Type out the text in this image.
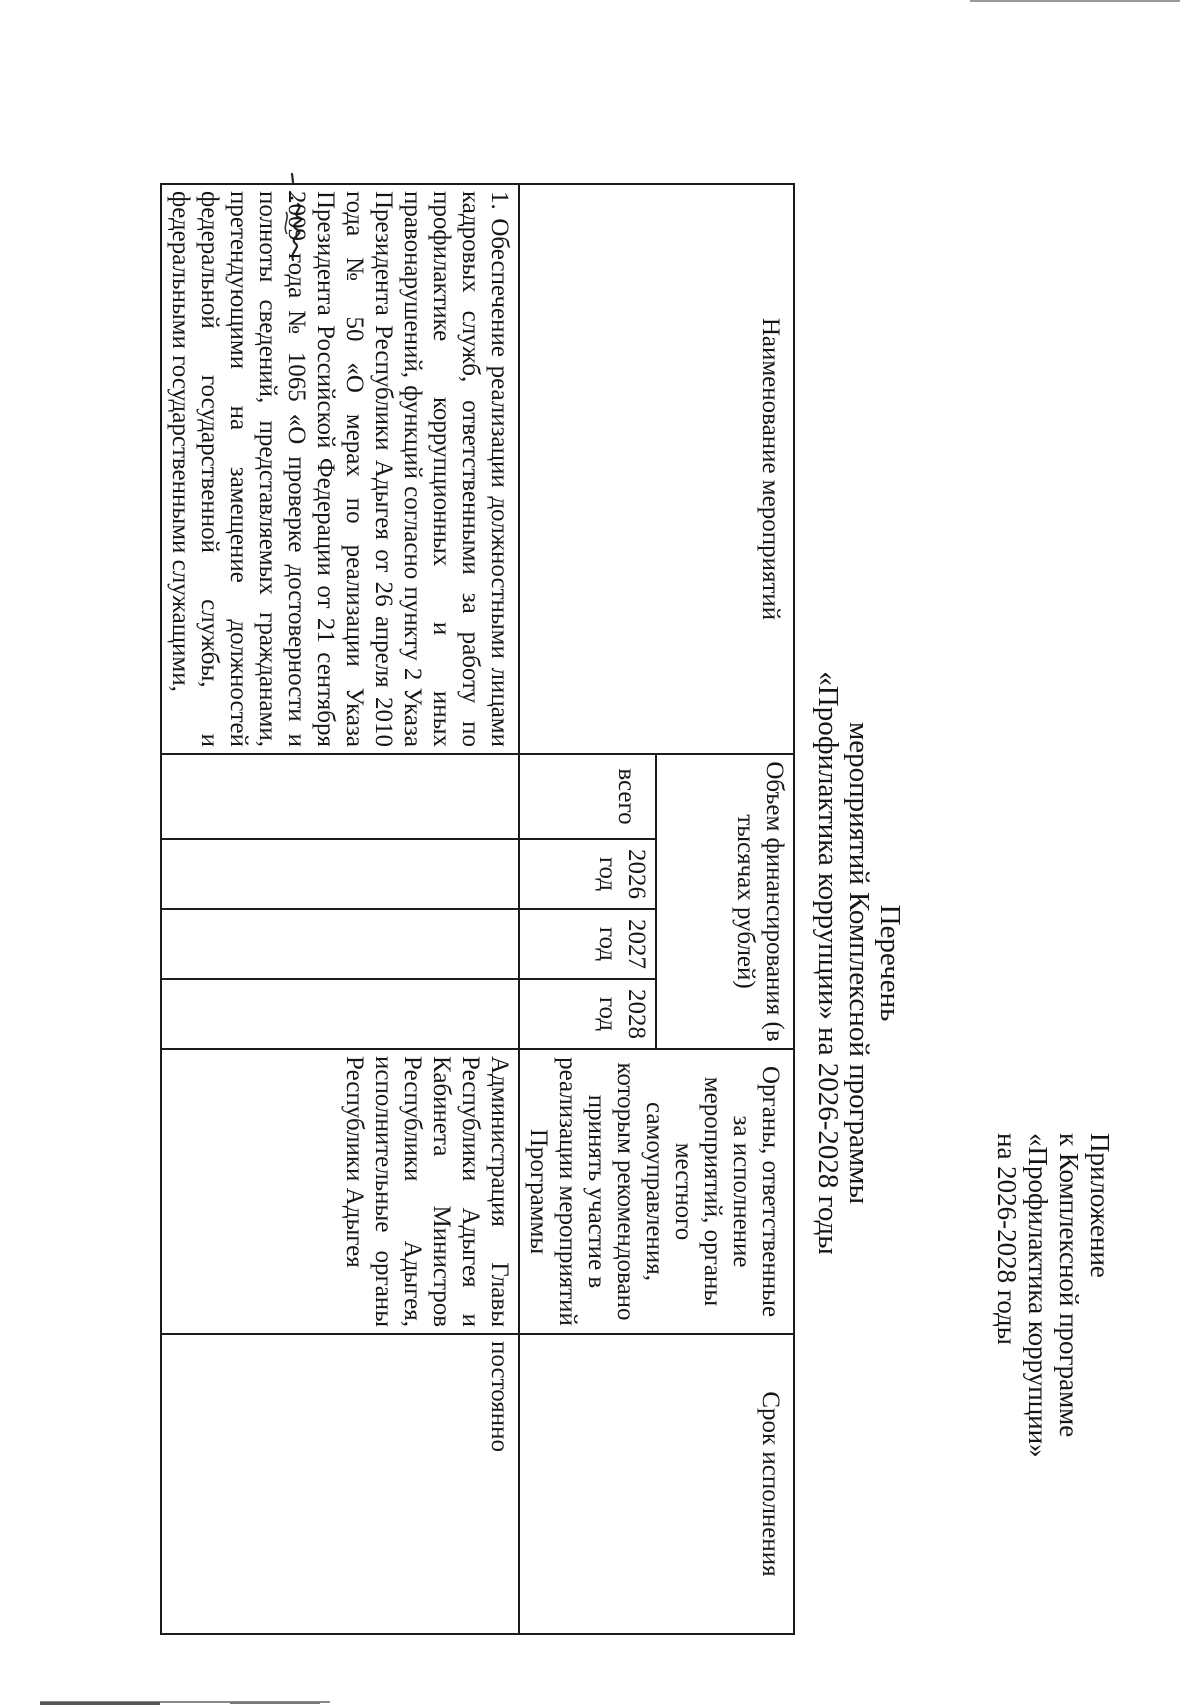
Приложение
к Комплексной программе
«Профилактика коррупции»
на 2026-2028 годы
Перечень
мероприятий Комплексной программы
«Профилактика коррупции» на 2026-2028 годы
Наименование мероприятий	Объем финансирования (в тысячах рублей)				Органы, ответственные за исполнение мероприятий, органы местного самоуправления, которым рекомендовано принять участие в реализации мероприятий Программы	Срок исполнения
	всего	2026 год	2027 год	2028 год		
1. Обеспечение реализации должностными лицами кадровых служб, ответственными за работу по профилактике коррупционных и иных правонарушений, функций согласно пункту 2 Указа Президента Республики Адыгея от 26 апреля 2010 года № 50 «О мерах по реализации Указа Президента Российской Федерации от 21 сентября 2009 года № 1065 «О проверке достоверности и полноты сведений, представляемых гражданами, претендующими на замещение должностей федеральной государственной службы, и федеральными государственными служащими,					Администрация Главы Республики Адыгея и Кабинета Министров Республики Адыгея, исполнительные органы Республики Адыгея	постоянно
